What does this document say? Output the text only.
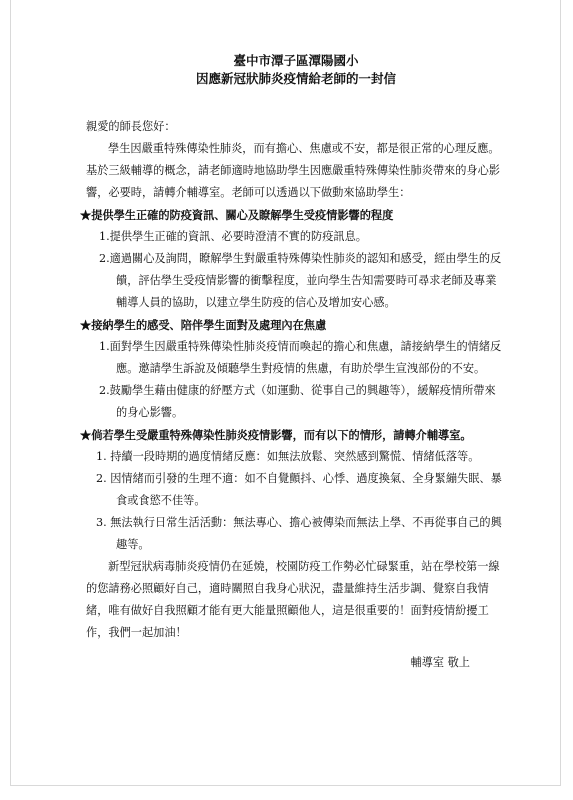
臺中市潭子區潭陽國小
因應新冠狀肺炎疫情給老師的一封信

親愛的師長您好：

學生因嚴重特殊傳染性肺炎，而有擔心、焦慮或不安，都是很正常的心理反應。基於三級輔導的概念，請老師適時地協助學生因應嚴重特殊傳染性肺炎帶來的身心影響，必要時，請轉介輔導室。老師可以透過以下做動來協助學生：

★提供學生正確的防疫資訊、關心及瞭解學生受疫情影響的程度

1.提供學生正確的資訊、必要時澄清不實的防疫訊息。

2.適過關心及詢問，瞭解學生對嚴重特殊傳染性肺炎的認知和感受，經由學生的反饋，評估學生受疫情影響的衝擊程度，並向學生告知需要時可尋求老師及專業輔導人員的協助，以建立學生防疫的信心及增加安心感。

★接納學生的感受、陪伴學生面對及處理內在焦慮

1.面對學生因嚴重特殊傳染性肺炎疫情而喚起的擔心和焦慮，請接納學生的情緒反應。邀請學生訴說及傾聽學生對疫情的焦慮，有助於學生宣洩部份的不安。

2.鼓勵學生藉由健康的紓壓方式（如運動、從事自己的興趣等），緩解疫情所帶來的身心影響。

★倘若學生受嚴重特殊傳染性肺炎疫情影響，而有以下的情形，請轉介輔導室。

1. 持續一段時期的過度情緒反應：如無法放鬆、突然感到驚慌、情緒低落等。

2. 因情緒而引發的生理不適：如不自覺顫抖、心悸、過度換氣、全身緊繃失眠、暴食或食慾不佳等。

3. 無法執行日常生活活動：無法專心、擔心被傳染而無法上學、不再從事自己的興趣等。

新型冠狀病毒肺炎疫情仍在延燒，校園防疫工作勢必忙碌緊重，站在學校第一線的您請務必照顧好自己，適時關照自我身心狀況，盡量維持生活步調、覺察自我情緒，唯有做好自我照顧才能有更大能量照顧他人，這是很重要的！面對疫情紛擾工作，我們一起加油！

輔導室 敬上
